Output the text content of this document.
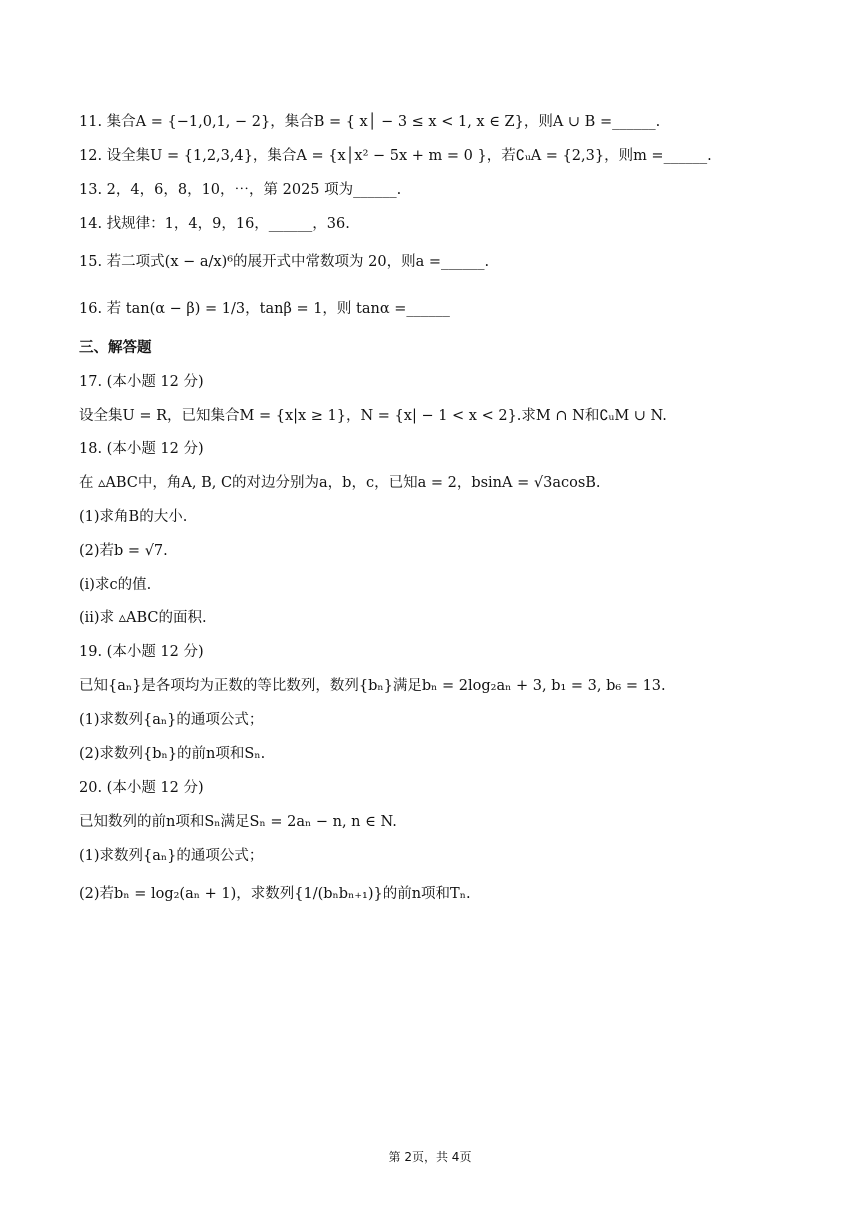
11. 集合A = {−1,0,1, − 2}，集合B = { x│ − 3 ≤ x < 1, x ∈ Z}，则A ∪ B =______.
12. 设全集U = {1,2,3,4}，集合A = {x│x² − 5x + m = 0 }，若∁ᵤA = {2,3}，则m =______.
13. 2，4，6，8，10，⋯，第 2025 项为______.
14. 找规律：1，4，9，16，______，36.
15. 若二项式(x − a/x)⁶的展开式中常数项为 20，则a =______.
16. 若 tan(α − β) = 1/3，tanβ = 1，则 tanα =______
三、解答题
17. (本小题 12 分)
设全集U = R，已知集合M = {x|x ≥ 1}，N = {x| − 1 < x < 2}.求M ∩ N和∁ᵤM ∪ N.
18. (本小题 12 分)
在 ▵ABC中，角A, B, C的对边分别为a，b，c，已知a = 2，bsinA = √3acosB.
(1)求角B的大小.
(2)若b = √7.
(i)求c的值.
(ii)求 ▵ABC的面积.
19. (本小题 12 分)
已知{aₙ}是各项均为正数的等比数列，数列{bₙ}满足bₙ = 2log₂aₙ + 3, b₁ = 3, b₆ = 13.
(1)求数列{aₙ}的通项公式；
(2)求数列{bₙ}的前n项和Sₙ.
20. (本小题 12 分)
已知数列的前n项和Sₙ满足Sₙ = 2aₙ − n, n ∈ N.
(1)求数列{aₙ}的通项公式；
(2)若bₙ = log₂(aₙ + 1)，求数列{1/(bₙbₙ₊₁)}的前n项和Tₙ.
第 2页，共 4页
